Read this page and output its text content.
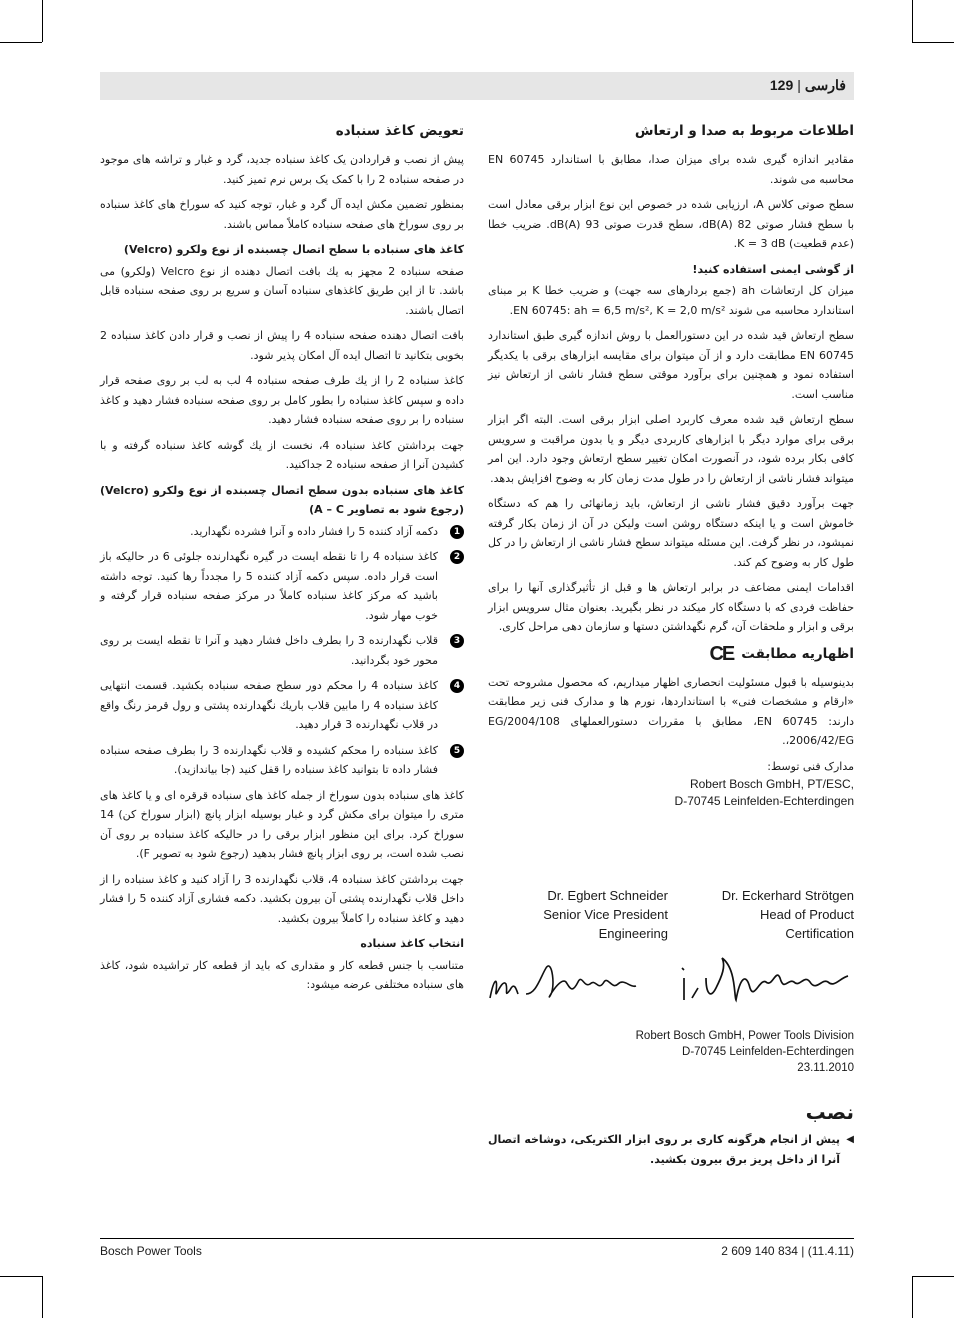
فارسی|129
اطلاعات مربوط به صدا و ارتعاش

مقادیر اندازه گیری شده برای میزان صدا، مطابق با استاندارد EN 60745 محاسبه می شوند.

سطح صوتی کلاس A، ارزیابی شده در خصوص این نوع ابزار برقی معادل است با سطح فشار صوتی 82 dB(A)، سطح قدرت صوتی 93 dB(A). ضریب خطا (عدم قطعیت) K = 3 dB.

از گوشی ایمنی استفاده کنید!

میزان کل ارتعاشات ah (جمع بردارهای سه جهت) و ضریب خطا K بر مبنای استاندارد محاسبه می شوند EN 60745: ah = 6,5 m/s², K = 2,0 m/s².

سطح ارتعاش قید شده در این دستورالعمل با روش اندازه گیری طبق استاندارد EN 60745 مطابقت دارد و از آن میتوان برای مقایسه ابزارهای برقی با یکدیگر استفاده نمود و همچنین برای برآورد موقتی سطح فشار ناشی از ارتعاش نیز مناسب است.

سطح ارتعاش قید شده معرف کاربرد اصلی ابزار برقی است. البته اگر ابزار برقی برای موارد دیگر با ابزارهای کاربردی دیگر و یا بدون مراقبت و سرویس کافی بکار برده شود، در آنصورت امکان تغییر سطح ارتعاش وجود دارد. این امر میتواند فشار ناشی از ارتعاش را در طول مدت زمان کار به وضوح افزایش بدهد.

جهت برآورد دقیق فشار ناشی از ارتعاش، باید زمانهائی را هم که دستگاه خاموش است و یا اینکه دستگاه روشن است ولیکن در آن از زمان بکار گرفته نمیشود، در نظر گرفت. این مسئله میتواند سطح فشار ناشی از ارتعاش را در کل طول کار به وضوح کم کند.

اقدامات ایمنی مضاعف در برابر ارتعاش ها و قبل از تأثیرگذاری آنها را برای حفاظت فردی که با دستگاه کار میکند در نظر بگیرید. بعنوان مثال سرویس ابزار برقی و ابزار و ملحقات آن، گرم نگهداشتن دستها و سازمان دهی مراحل کاری.

اظهاریه مطابقت
CE

بدینوسیله با قبول مسئولیت انحصاری اظهار میداریم، که محصول مشروحه تحت «ارقام و مشخصات فنی» با استانداردها، نورم ها و مدارک فنی زیر مطابقت دارند: EN 60745، مطابق با مقررات دستورالعملهای 2004/108/EG ،2006/42/EG.

مدارک فنی توسط:

Robert Bosch GmbH, PT/ESC,
D-70745 Leinfelden-Echterdingen
Dr. Egbert Schneider
Senior Vice President
Engineering
Dr. Eckerhard Strötgen
Head of Product
Certification
Robert Bosch GmbH, Power Tools Division
D-70745 Leinfelden-Echterdingen
23.11.2010
نصب
◀
پیش از انجام هرگونه کاری بر روی ابزار الکتریکی، دوشاخه اتصال آنرا از داخل پریز برق بیرون بکشید.
تعویض کاغذ سنباده

پیش از نصب و قراردادن یک کاغذ سنباده جدید، گرد و غبار و تراشه های موجود در صفحه سنباده 2 را با کمک یک برس نرم تمیز کنید.

بمنظور تضمین مکش ایده آل گرد و غبار، توجه کنید که سوراخ های کاغذ سنباده بر روی سوراخ های صفحه سنباده کاملاً مماس باشند.

کاغذ های سنباده با سطح اتصال چسبنده از نوع ولکرو (Velcro)

صفحه سنباده 2 مجهز به یك بافت اتصال دهنده از نوع Velcro (ولکرو) می باشد. تا از این طریق کاغذهای سنباده آسان و سریع بر روی صفحه سنباده قابل اتصال باشند.

بافت اتصال دهنده صفحه سنباده 4 را پیش از نصب و قرار دادن کاغذ سنباده 2 بخوبی بتکانید تا اتصال ایده آل امکان پذیر شود.

کاغذ سنباده 2 را از یك طرف صفحه سنباده 4 لب به لب بر روی صفحه قرار داده و سپس کاغذ سنباده را بطور کامل بر روی صفحه سنباده فشار دهید و کاغذ سنباده را بر روی صفحه سنباده فشار دهید.

جهت برداشتن کاغذ سنباده 4، نخست از یك گوشه کاغذ سنباده گرفته و با کشیدن آنرا از صفحه سنباده 2 جداکنید.

کاغذ های سنباده بدون سطح اتصال چسبنده از نوع ولکرو (Velcro) (رجوع شود به تصاویر A – C)
1
دکمه آزاد کننده 5 را فشار داده و آنرا فشرده نگهدارید.
2
کاغذ سنباده 4 را تا نقطه ایست در گیره نگهدارنده جلوئی 6 در حالیکه باز است قرار داده. سپس دکمه آزاد کننده 5 را مجدداً رها کنید. توجه داشته باشید که مرکز کاغذ سنباده کاملاً در مرکز صفحه سنباده قرار گرفته و خوب مهار شود.
3
قلاب نگهدارنده 3 را بطرف داخل فشار دهید و آنرا تا نقطه ایست بر روی محور خود بگردانید.
4
کاغذ سنباده 4 را محکم دور سطح صفحه سنباده بکشید. قسمت انتهایی کاغذ سنباده 4 را مابین قلاب باریك نگهدارنده پشتی و رول قرمز رنگ واقع در قلاب نگهدارنده 3 قرار دهید.
5
کاغذ سنباده را محکم کشیده و قلاب نگهدارنده 3 را بطرف صفحه سنباده فشار داده تا بتوانید کاغذ سنباده را قفل کنید (جا بیاندازید).

کاغذ های سنباده بدون سوراخ از جمله کاغذ های سنباده قرقره ای و یا کاغذ های متری را میتوان برای مکش گرد و غبار بوسیله ابزار پانچ (ابزار سوراخ کن) 14 سوراخ کرد. برای این منظور ابزار برقی را در حالیکه کاغذ سنباده بر روی آن نصب شده است، بر روی ابزار پانچ فشار بدهید (رجوع شود به تصویر F).

جهت برداشتن کاغذ سنباده 4، قلاب نگهدارنده 3 را آزاد کنید و کاغذ سنباده را از داخل قلاب نگهدارنده پشتی آن بیرون بکشید. دکمه فشاری آزاد کننده 5 را فشار دهید و کاغذ سنباده را کاملاً بیرون بکشید.

انتخاب کاغذ سنباده

متناسب با جنس قطعه کار و مقداری که باید از قطعه کار تراشیده شود، کاغذ های سنباده مختلفی عرضه میشود:

Bosch Power Tools	2 609 140 834 | (11.4.11)
